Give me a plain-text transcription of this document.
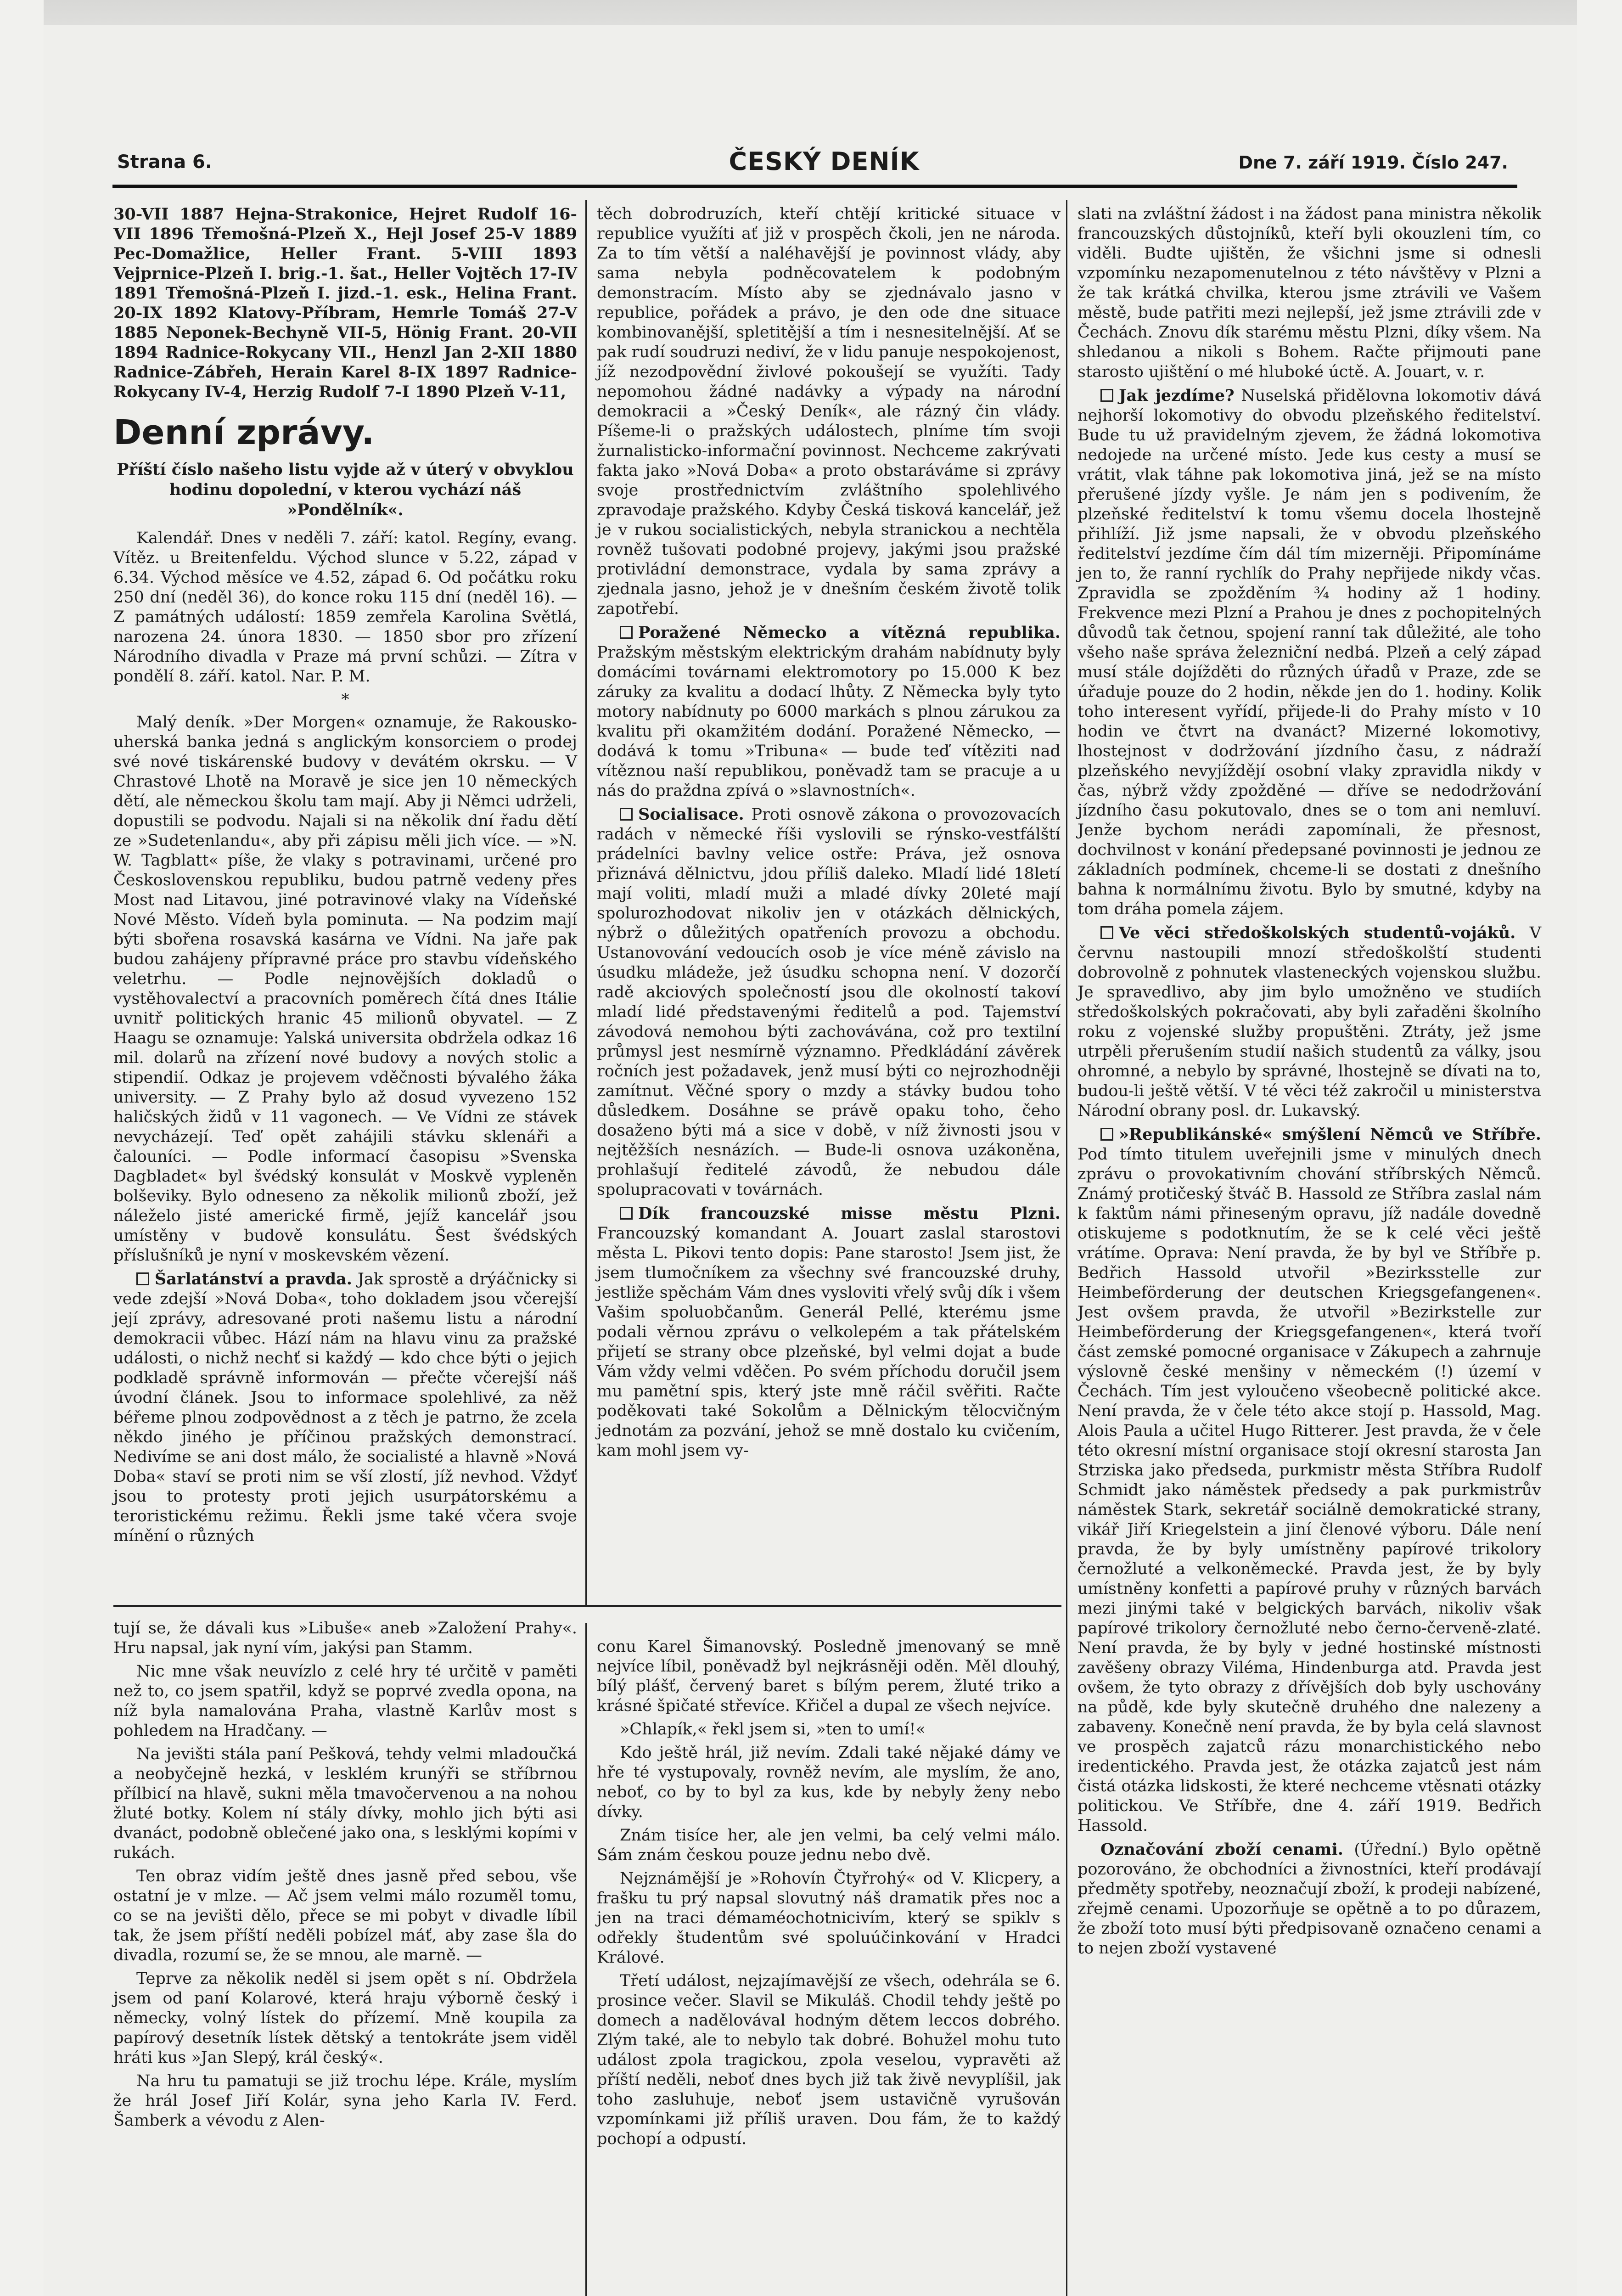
Strana 6.	ČESKÝ DENÍK	Dne 7. září 1919. Číslo 247.

30-VII 1887 Hejna-Strakonice, Hejret Rudolf 16-VII 1896 Třemošná-Plzeň X., Hejl Josef 25-V 1889 Pec-Domažlice, Heller Frant. 5-VIII 1893 Vejprnice-Plzeň I. brig.-1. šat., Heller Vojtěch 17-IV 1891 Třemošná-Plzeň I. jizd.-1. esk., Helina Frant. 20-IX 1892 Klatovy-Příbram, Hemrle Tomáš 27-V 1885 Neponek-Bechyně VII-5, Hönig Frant. 20-VII 1894 Radnice-Rokycany VII., Henzl Jan 2-XII 1880 Radnice-Zábřeh, Herain Karel 8-IX 1897 Radnice-Rokycany IV-4, Herzig Rudolf 7-I 1890 Plzeň V-11,

Denní zprávy.

Příští číslo našeho listu vyjde až v úterý v obvyklou hodinu dopolední, v kterou vychází náš »Pondělník«.

Kalendář. Dnes v neděli 7. září: katol. Regíny, evang. Vítěz. u Breitenfeldu. Východ slunce v 5.22, západ v 6.34. Východ měsíce ve 4.52, západ 6. Od počátku roku 250 dní (neděl 36), do konce roku 115 dní (neděl 16). — Z památných událostí: 1859 zemřela Karolina Světlá, narozena 24. února 1830. — 1850 sbor pro zřízení Národního divadla v Praze má první schůzi. — Zítra v pondělí 8. září. katol. Nar. P. M.

*

Malý deník. »Der Morgen« oznamuje, že Rakousko-uherská banka jedná s anglickým konsorciem o prodej své nové tiskárenské budovy v devátém okrsku. — V Chrastové Lhotě na Moravě je sice jen 10 německých dětí, ale německou školu tam mají. Aby ji Němci udrželi, dopustili se podvodu. Najali si na několik dní řadu dětí ze »Sudetenlandu«, aby při zápisu měli jich více. — »N. W. Tagblatt« píše, že vlaky s potravinami, určené pro Československou republiku, budou patrně vedeny přes Most nad Litavou, jiné potravinové vlaky na Vídeňské Nové Město. Vídeň byla pominuta. — Na podzim mají býti sbořena rosavská kasárna ve Vídni. Na jaře pak budou zahájeny přípravné práce pro stavbu vídeňského veletrhu. — Podle nejnovějších dokladů o vystěhovalectví a pracovních poměrech čítá dnes Itálie uvnitř politických hranic 45 milionů obyvatel. — Z Haagu se oznamuje: Yalská universita obdržela odkaz 16 mil. dolarů na zřízení nové budovy a nových stolic a stipendií. Odkaz je projevem vděčnosti bývalého žáka university. — Z Prahy bylo až dosud vyvezeno 152 haličských židů v 11 vagonech. — Ve Vídni ze stávek nevycházejí. Teď opět zahájili stávku sklenáři a čalouníci. — Podle informací časopisu »Svenska Dagbladet« byl švédský konsulát v Moskvě vypleněn bolševiky. Bylo odneseno za několik milionů zboží, jež náleželo jisté americké firmě, jejíž kancelář jsou umístěny v budově konsulátu. Šest švédských příslušníků je nyní v moskevském vězení.

Šarlatánství a pravda. Jak sprostě a drýáčnicky si vede zdejší »Nová Doba«, toho dokladem jsou včerejší její zprávy, adresované proti našemu listu a národní demokracii vůbec. Hází nám na hlavu vinu za pražské události, o nichž nechť si každý — kdo chce býti o jejich podkladě správně informován — přečte včerejší náš úvodní článek. Jsou to informace spolehlivé, za něž béřeme plnou zodpovědnost a z těch je patrno, že zcela někdo jiného je příčinou pražských demonstrací. Nedivíme se ani dost málo, že socialisté a hlavně »Nová Doba« staví se proti nim se vší zlostí, jíž nevhod. Vždyť jsou to protesty proti jejich usurpátorskému a teroristickému režimu. Řekli jsme také včera svoje mínění o různých

těch dobrodruzích, kteří chtějí kritické situace v republice využíti ať již v prospěch čkoli, jen ne národa. Za to tím větší a naléhavější je povinnost vlády, aby sama nebyla podněcovatelem k podobným demonstracím. Místo aby se zjednávalo jasno v republice, pořádek a právo, je den ode dne situace kombinovanější, spletitější a tím i nesnesitelnější. Ať se pak rudí soudruzi nediví, že v lidu panuje nespokojenost, jíž nezodpovědní živlové pokoušejí se využíti. Tady nepomohou žádné nadávky a výpady na národní demokracii a »Český Deník«, ale rázný čin vlády. Píšeme-li o pražských událostech, plníme tím svoji žurnalisticko-informační povinnost. Nechceme zakrývati fakta jako »Nová Doba« a proto obstaráváme si zprávy svoje prostřednictvím zvláštního spolehlivého zpravodaje pražského. Kdyby Česká tisková kancelář, jež je v rukou socialistických, nebyla stranickou a nechtěla rovněž tušovati podobné projevy, jakými jsou pražské protivládní demonstrace, vydala by sama zprávy a zjednala jasno, jehož je v dnešním českém životě tolik zapotřebí.

Poražené Německo a vítězná republika. Pražským městským elektrickým drahám nabídnuty byly domácími továrnami elektromotory po 15.000 K bez záruky za kvalitu a dodací lhůty. Z Německa byly tyto motory nabídnuty po 6000 markách s plnou zárukou za kvalitu při okamžitém dodání. Poražené Německo, — dodává k tomu »Tribuna« — bude teď vítěziti nad vítěznou naší republikou, poněvadž tam se pracuje a u nás do praždna zpívá o »slavnostních«.

Socialisace. Proti osnově zákona o provozovacích radách v německé říši vyslovili se rýnsko-vestfálští prádelníci bavlny velice ostře: Práva, jež osnova přiznává dělnictvu, jdou příliš daleko. Mladí lidé 18letí mají voliti, mladí muži a mladé dívky 20leté mají spolurozhodovat nikoliv jen v otázkách dělnických, nýbrž o důležitých opatřeních provozu a obchodu. Ustanovování vedoucích osob je více méně závislo na úsudku mládeže, jež úsudku schopna není. V dozorčí radě akciových společností jsou dle okolností takoví mladí lidé představenými ředitelů a pod. Tajemství závodová nemohou býti zachovávána, což pro textilní průmysl jest nesmírně významno. Předkládání závěrek ročních jest požadavek, jenž musí býti co nejrozhodněji zamítnut. Věčné spory o mzdy a stávky budou toho důsledkem. Dosáhne se právě opaku toho, čeho dosaženo býti má a sice v době, v níž živnosti jsou v nejtěžších nesnázích. — Bude-li osnova uzákoněna, prohlašují ředitelé závodů, že nebudou dále spolupracovati v továrnách.

Dík francouzské misse městu Plzni. Francouzský komandant A. Jouart zaslal starostovi města L. Pikovi tento dopis: Pane starosto! Jsem jist, že jsem tlumočníkem za všechny své francouzské druhy, jestliže spěchám Vám dnes vysloviti vřelý svůj dík i všem Vašim spoluobčanům. Generál Pellé, kterému jsme podali věrnou zprávu o velkolepém a tak přátelském přijetí se strany obce plzeňské, byl velmi dojat a bude Vám vždy velmi vděčen. Po svém příchodu doručil jsem mu pamětní spis, který jste mně ráčil svěřiti. Račte poděkovati také Sokolům a Dělnickým tělocvičným jednotám za pozvání, jehož se mně dostalo ku cvičením, kam mohl jsem vy-

slati na zvláštní žádost i na žádost pana ministra několik francouzských důstojníků, kteří byli okouzleni tím, co viděli. Budte ujištěn, že všichni jsme si odnesli vzpomínku nezapomenutelnou z této návštěvy v Plzni a že tak krátká chvilka, kterou jsme ztrávili ve Vašem městě, bude patřiti mezi nejlepší, jež jsme ztrávili zde v Čechách. Znovu dík starému městu Plzni, díky všem. Na shledanou a nikoli s Bohem. Račte přijmouti pane starosto ujištění o mé hluboké úctě. A. Jouart, v. r.

Jak jezdíme? Nuselská přidělovna lokomotiv dává nejhorší lokomotivy do obvodu plzeňského ředitelství. Bude tu už pravidelným zjevem, že žádná lokomotiva nedojede na určené místo. Jede kus cesty a musí se vrátit, vlak táhne pak lokomotiva jiná, jež se na místo přerušené jízdy vyšle. Je nám jen s podivením, že plzeňské ředitelství k tomu všemu docela lhostejně přihlíží. Již jsme napsali, že v obvodu plzeňského ředitelství jezdíme čím dál tím mizerněji. Připomínáme jen to, že ranní rychlík do Prahy nepřijede nikdy včas. Zpravidla se zpožděním ¾ hodiny až 1 hodiny. Frekvence mezi Plzní a Prahou je dnes z pochopitelných důvodů tak četnou, spojení ranní tak důležité, ale toho všeho naše správa železniční nedbá. Plzeň a celý západ musí stále dojížděti do různých úřadů v Praze, zde se úřaduje pouze do 2 hodin, někde jen do 1. hodiny. Kolik toho interesent vyřídí, přijede-li do Prahy místo v 10 hodin ve čtvrt na dvanáct? Mizerné lokomotivy, lhostejnost v dodržování jízdního času, z nádraží plzeňského nevyjíždějí osobní vlaky zpravidla nikdy v čas, nýbrž vždy zpožděné — dříve se nedodržování jízdního času pokutovalo, dnes se o tom ani nemluví. Jenže bychom nerádi zapomínali, že přesnost, dochvilnost v konání předepsané povinnosti je jednou ze základních podmínek, chceme-li se dostati z dnešního bahna k normálnímu životu. Bylo by smutné, kdyby na tom dráha pomela zájem.

Ve věci středoškolských studentů-vojáků. V červnu nastoupili mnozí středoškolští studenti dobrovolně z pohnutek vlasteneckých vojenskou službu. Je spravedlivo, aby jim bylo umožněno ve studiích středoškolských pokračovati, aby byli zařaděni školního roku z vojenské služby propuštěni. Ztráty, jež jsme utrpěli přerušením studií našich studentů za války, jsou ohromné, a nebylo by správné, lhostejně se dívati na to, budou-li ještě větší. V té věci též zakročil u ministerstva Národní obrany posl. dr. Lukavský.

»Republikánské« smýšlení Němců ve Stříbře. Pod tímto titulem uveřejnili jsme v minulých dnech zprávu o provokativním chování stříbrských Němců. Známý protičeský štváč B. Hassold ze Stříbra zaslal nám k faktům námi přineseným opravu, jíž nadále dovedně otiskujeme s podotknutím, že se k celé věci ještě vrátíme. Oprava: Není pravda, že by byl ve Stříbře p. Bedřich Hassold utvořil »Bezirksstelle zur Heimbeförderung der deutschen Kriegsgefangenen«. Jest ovšem pravda, že utvořil »Bezirkstelle zur Heimbeförderung der Kriegsgefangenen«, která tvoří část zemské pomocné organisace v Zákupech a zahrnuje výslovně české menšiny v německém (!) území v Čechách. Tím jest vyloučeno všeobecně politické akce. Není pravda, že v čele této akce stojí p. Hassold, Mag. Alois Paula a učitel Hugo Ritterer. Jest pravda, že v čele této okresní místní organisace stojí okresní starosta Jan Strziska jako předseda, purkmistr města Stříbra Rudolf Schmidt jako náměstek předsedy a pak purkmistrův náměstek Stark, sekretář sociálně demokratické strany, vikář Jiří Kriegelstein a jiní členové výboru. Dále není pravda, že by byly umístněny papírové trikolory černožluté a velkoněmecké. Pravda jest, že by byly umístněny konfetti a papírové pruhy v různých barvách mezi jinými také v belgických barvách, nikoliv však papírové trikolory černožluté nebo černo-červeně-zlaté. Není pravda, že by byly v jedné hostinské místnosti zavěšeny obrazy Viléma, Hindenburga atd. Pravda jest ovšem, že tyto obrazy z dřívějších dob byly uschovány na půdě, kde byly skutečně druhého dne nalezeny a zabaveny. Konečně není pravda, že by byla celá slavnost ve prospěch zajatců rázu monarchistického nebo iredentického. Pravda jest, že otázka zajatců jest nám čistá otázka lidskosti, že které nechceme vtěsnati otázky politickou. Ve Stříbře, dne 4. září 1919. Bedřich Hassold.

Označování zboží cenami. (Úřední.) Bylo opětně pozorováno, že obchodníci a živnostníci, kteří prodávají předměty spotřeby, neoznačují zboží, k prodeji nabízené, zřejmě cenami. Upozorňuje se opětně a to po důrazem, že zboží toto musí býti předpisovaně označeno cenami a to nejen zboží vystavené

tují se, že dávali kus »Libuše« aneb »Založení Prahy«. Hru napsal, jak nyní vím, jakýsi pan Stamm.

Nic mne však neuvízlo z celé hry té určitě v paměti než to, co jsem spatřil, když se poprvé zvedla opona, na níž byla namalována Praha, vlastně Karlův most s pohledem na Hradčany. —

Na jevišti stála paní Pešková, tehdy velmi mladoučká a neobyčejně hezká, v lesklém krunýři se stříbrnou přílbicí na hlavě, sukni měla tmavočervenou a na nohou žluté botky. Kolem ní stály dívky, mohlo jich býti asi dvanáct, podobně oblečené jako ona, s lesklými kopími v rukách.

Ten obraz vidím ještě dnes jasně před sebou, vše ostatní je v mlze. — Ač jsem velmi málo rozuměl tomu, co se na jevišti dělo, přece se mi pobyt v divadle líbil tak, že jsem příští neděli pobízel máť, aby zase šla do divadla, rozumí se, že se mnou, ale marně. —

Teprve za několik neděl si jsem opět s ní. Obdržela jsem od paní Kolarové, která hraju výborně český i německy, volný lístek do přízemí. Mně koupila za papírový desetník lístek dětský a tentokráte jsem viděl hráti kus »Jan Slepý, král český«.

Na hru tu pamatuji se již trochu lépe. Krále, myslím že hrál Josef Jiří Kolár, syna jeho Karla IV. Ferd. Šamberk a vévodu z Alen-

conu Karel Šimanovský. Posledně jmenovaný se mně nejvíce líbil, poněvadž byl nejkrásněji oděn. Měl dlouhý, bílý plášť, červený baret s bílým perem, žluté triko a krásné špičaté střevíce. Křičel a dupal ze všech nejvíce.

»Chlapík,« řekl jsem si, »ten to umí!«

Kdo ještě hrál, již nevím. Zdali také nějaké dámy ve hře té vystupovaly, rovněž nevím, ale myslím, že ano, neboť, co by to byl za kus, kde by nebyly ženy nebo dívky.

Znám tisíce her, ale jen velmi, ba celý velmi málo. Sám znám českou pouze jednu nebo dvě.

Nejznámější je »Rohovín Čtyřrohý« od V. Klicpery, a frašku tu prý napsal slovutný náš dramatik přes noc a jen na traci démaméochotnicivím, který se spiklv s odřekly študentům své spoluúčinkování v Hradci Králové.

Třetí událost, nejzajímavější ze všech, odehrála se 6. prosince večer. Slavil se Mikuláš. Chodil tehdy ještě po domech a nadělovával hodným dětem leccos dobrého. Zlým také, ale to nebylo tak dobré. Bohužel mohu tuto událost zpola tragickou, zpola veselou, vypravěti až příští neděli, neboť dnes bych již tak živě nevyplíšil, jak toho zasluhuje, neboť jsem ustavičně vyrušován vzpomínkami již příliš uraven. Dou fám, že to každý pochopí a odpustí.
